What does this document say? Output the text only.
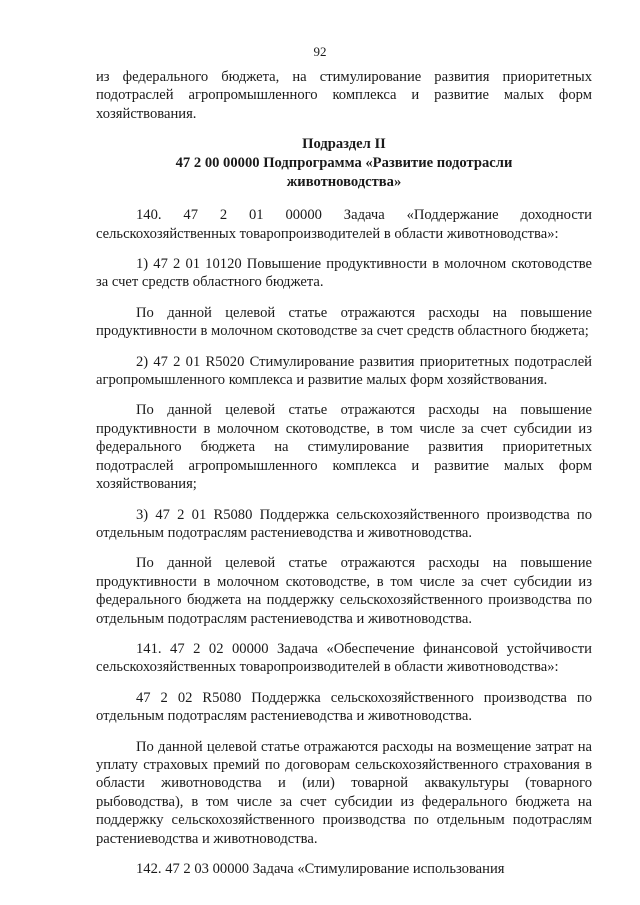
92

из федерального бюджета, на стимулирование развития приоритетных подотраслей агропромышленного комплекса и развитие малых форм хозяйствования.

Подраздел II
47 2 00 00000 Подпрограмма «Развитие подотрасли
животноводства»

140. 47 2 01 00000 Задача «Поддержание доходности сельскохозяйственных товаропроизводителей в области животноводства»:

1) 47 2 01 10120 Повышение продуктивности в молочном скотоводстве за счет средств областного бюджета.

По данной целевой статье отражаются расходы на повышение продуктивности в молочном скотоводстве за счет средств областного бюджета;

2) 47 2 01 R5020 Стимулирование развития приоритетных подотраслей агропромышленного комплекса и развитие малых форм хозяйствования.

По данной целевой статье отражаются расходы на повышение продуктивности в молочном скотоводстве, в том числе за счет субсидии из федерального бюджета на стимулирование развития приоритетных подотраслей агропромышленного комплекса и развитие малых форм хозяйствования;

3) 47 2 01 R5080 Поддержка сельскохозяйственного производства по отдельным подотраслям растениеводства и животноводства.

По данной целевой статье отражаются расходы на повышение продуктивности в молочном скотоводстве, в том числе за счет субсидии из федерального бюджета на поддержку сельскохозяйственного производства по отдельным подотраслям растениеводства и животноводства.

141. 47 2 02 00000 Задача «Обеспечение финансовой устойчивости сельскохозяйственных товаропроизводителей в области животноводства»:

47 2 02 R5080 Поддержка сельскохозяйственного производства по отдельным подотраслям растениеводства и животноводства.

По данной целевой статье отражаются расходы на возмещение затрат на уплату страховых премий по договорам сельскохозяйственного страхования в области животноводства и (или) товарной аквакультуры (товарного рыбоводства), в том числе за счет субсидии из федерального бюджета на поддержку сельскохозяйственного производства по отдельным подотраслям растениеводства и животноводства.

142. 47 2 03 00000 Задача «Стимулирование использования
